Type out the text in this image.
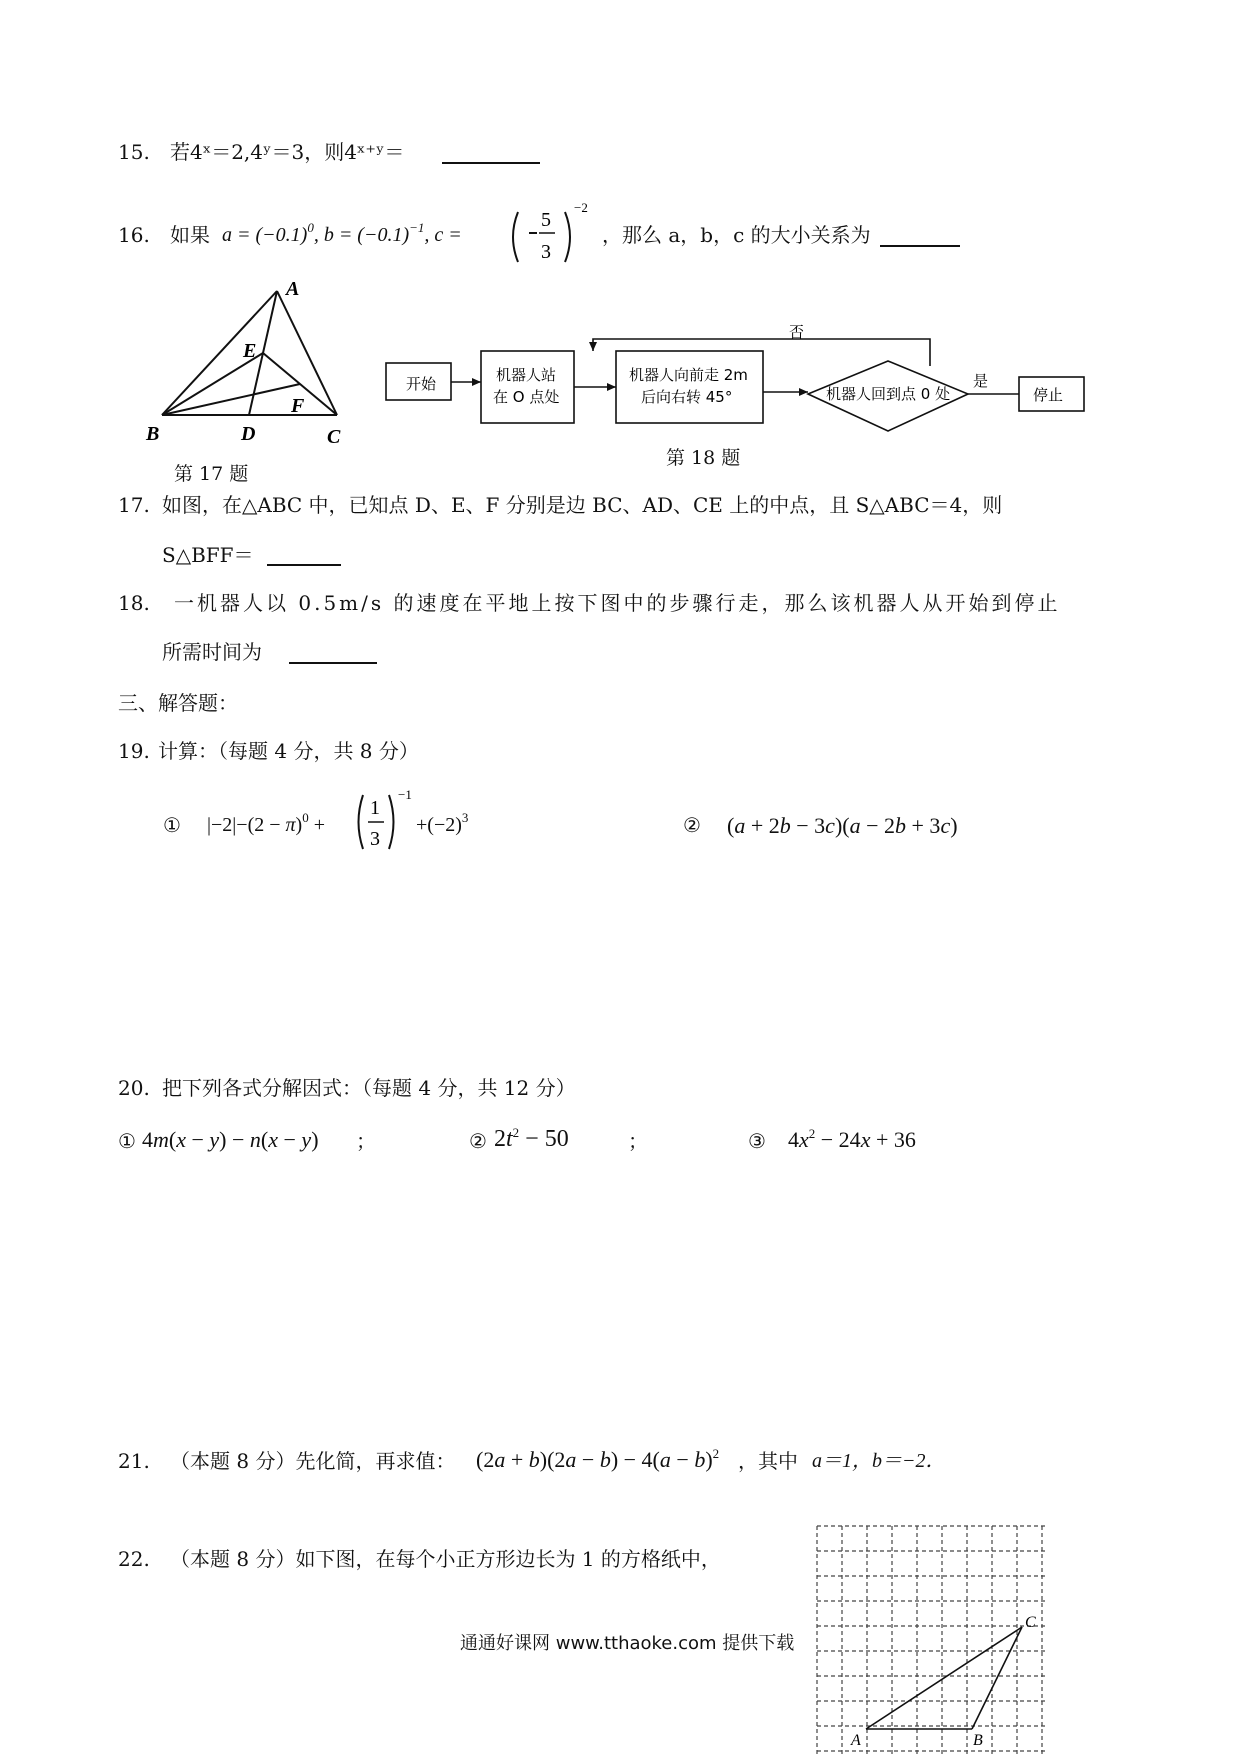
15. 若4ˣ＝2,4ʸ＝3，则4ˣ⁺ʸ＝
16. 如果 $a = (-0.1)^0$, $b = (-0.1)^{-1}$, c =
5
3
−2
，那么 a，b，c 的大小关系为
A
B	C
D
E
F
开始	机器人站
在 O 点处
机器人向前走 2m
后向右转 45°	机器人回到点 0 处	停止
是
否
第 17 题
第 18 题
17. 如图，在△ABC 中，已知点 D、E、F 分别是边 BC、AD、CE 上的中点，且 S△ABC＝4，则
S△BFF＝
18. 一机器人以 0.5m/s 的速度在平地上按下图中的步骤行走，那么该机器人从开始到停止
所需时间为
三、解答题：
19. 计算：（每题 4 分，共 8 分）
① $|-2|-(2 - \pi)^0$ +
1
3
−1
$+(-2)^3$	② (a + 2b − 3c)(a − 2b + 3c)
20. 把下列各式分解因式：（每题 4 分，共 12 分）
① 4m(x − y) − n(x − y) ；	② $2t^2 - 50$	；	③ $4x^2 - 24x + 36$
21. （本题 8 分）先化简，再求值： $(2a + b)(2a - b) - 4(a - b)^2$ ，其中 a＝1，b＝−2．
22. （本题 8 分）如下图，在每个小正方形边长为 1 的方格纸中，
C
A	B
通通好课网 www.tthaoke.com 提供下载
